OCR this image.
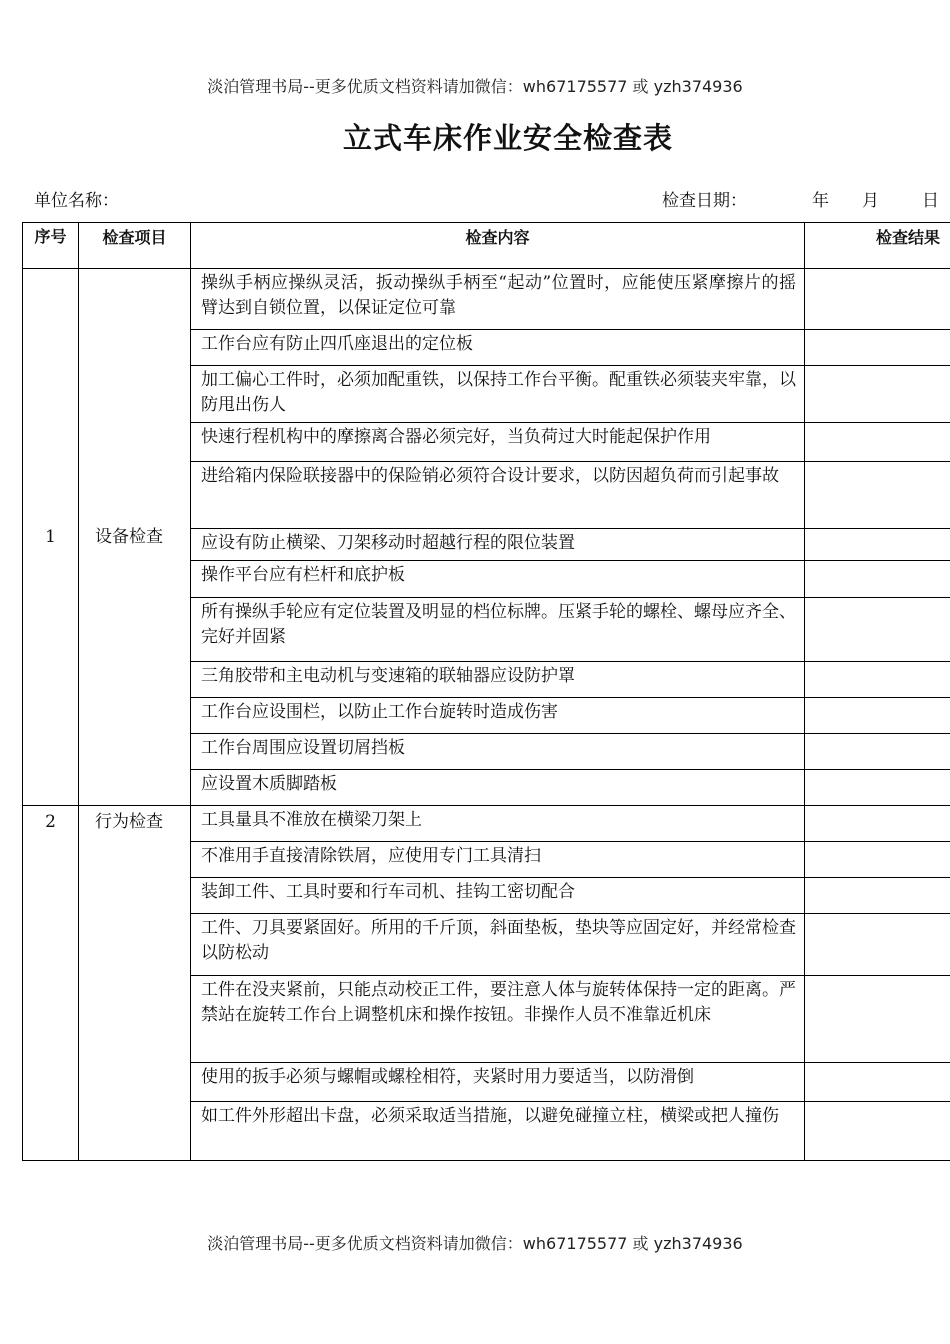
淡泊管理书局--更多优质文档资料请加微信：wh67175577 或 yzh374936
立式车床作业安全检查表
单位名称：	检查日期：	年 月	日
序号	检查项目	检查内容	检查结果
1	设备检查	操纵手柄应操纵灵活，扳动操纵手柄至“起动”位置时，应能使压紧摩擦片的摇臂达到自锁位置，以保证定位可靠	
		工作台应有防止四爪座退出的定位板	
		加工偏心工件时，必须加配重铁，以保持工作台平衡。配重铁必须装夹牢靠，以防甩出伤人	
		快速行程机构中的摩擦离合器必须完好，当负荷过大时能起保护作用	
		进给箱内保险联接器中的保险销必须符合设计要求，以防因超负荷而引起事故	
		应设有防止横梁、刀架移动时超越行程的限位装置	
		操作平台应有栏杆和底护板	
		所有操纵手轮应有定位装置及明显的档位标牌。压紧手轮的螺栓、螺母应齐全、完好并固紧	
		三角胶带和主电动机与变速箱的联轴器应设防护罩	
		工作台应设围栏，以防止工作台旋转时造成伤害	
		工作台周围应设置切屑挡板	
		应设置木质脚踏板	
2	行为检查	工具量具不准放在横梁刀架上	
		不准用手直接清除铁屑，应使用专门工具清扫	
		装卸工件、工具时要和行车司机、挂钩工密切配合	
		工件、刀具要紧固好。所用的千斤顶，斜面垫板，垫块等应固定好，并经常检查以防松动	
		工件在没夹紧前，只能点动校正工件，要注意人体与旋转体保持一定的距离。严禁站在旋转工作台上调整机床和操作按钮。非操作人员不准靠近机床	
		使用的扳手必须与螺帽或螺栓相符，夹紧时用力要适当，以防滑倒	
		如工件外形超出卡盘，必须采取适当措施，以避免碰撞立柱，横梁或把人撞伤	
淡泊管理书局--更多优质文档资料请加微信：wh67175577 或 yzh374936
